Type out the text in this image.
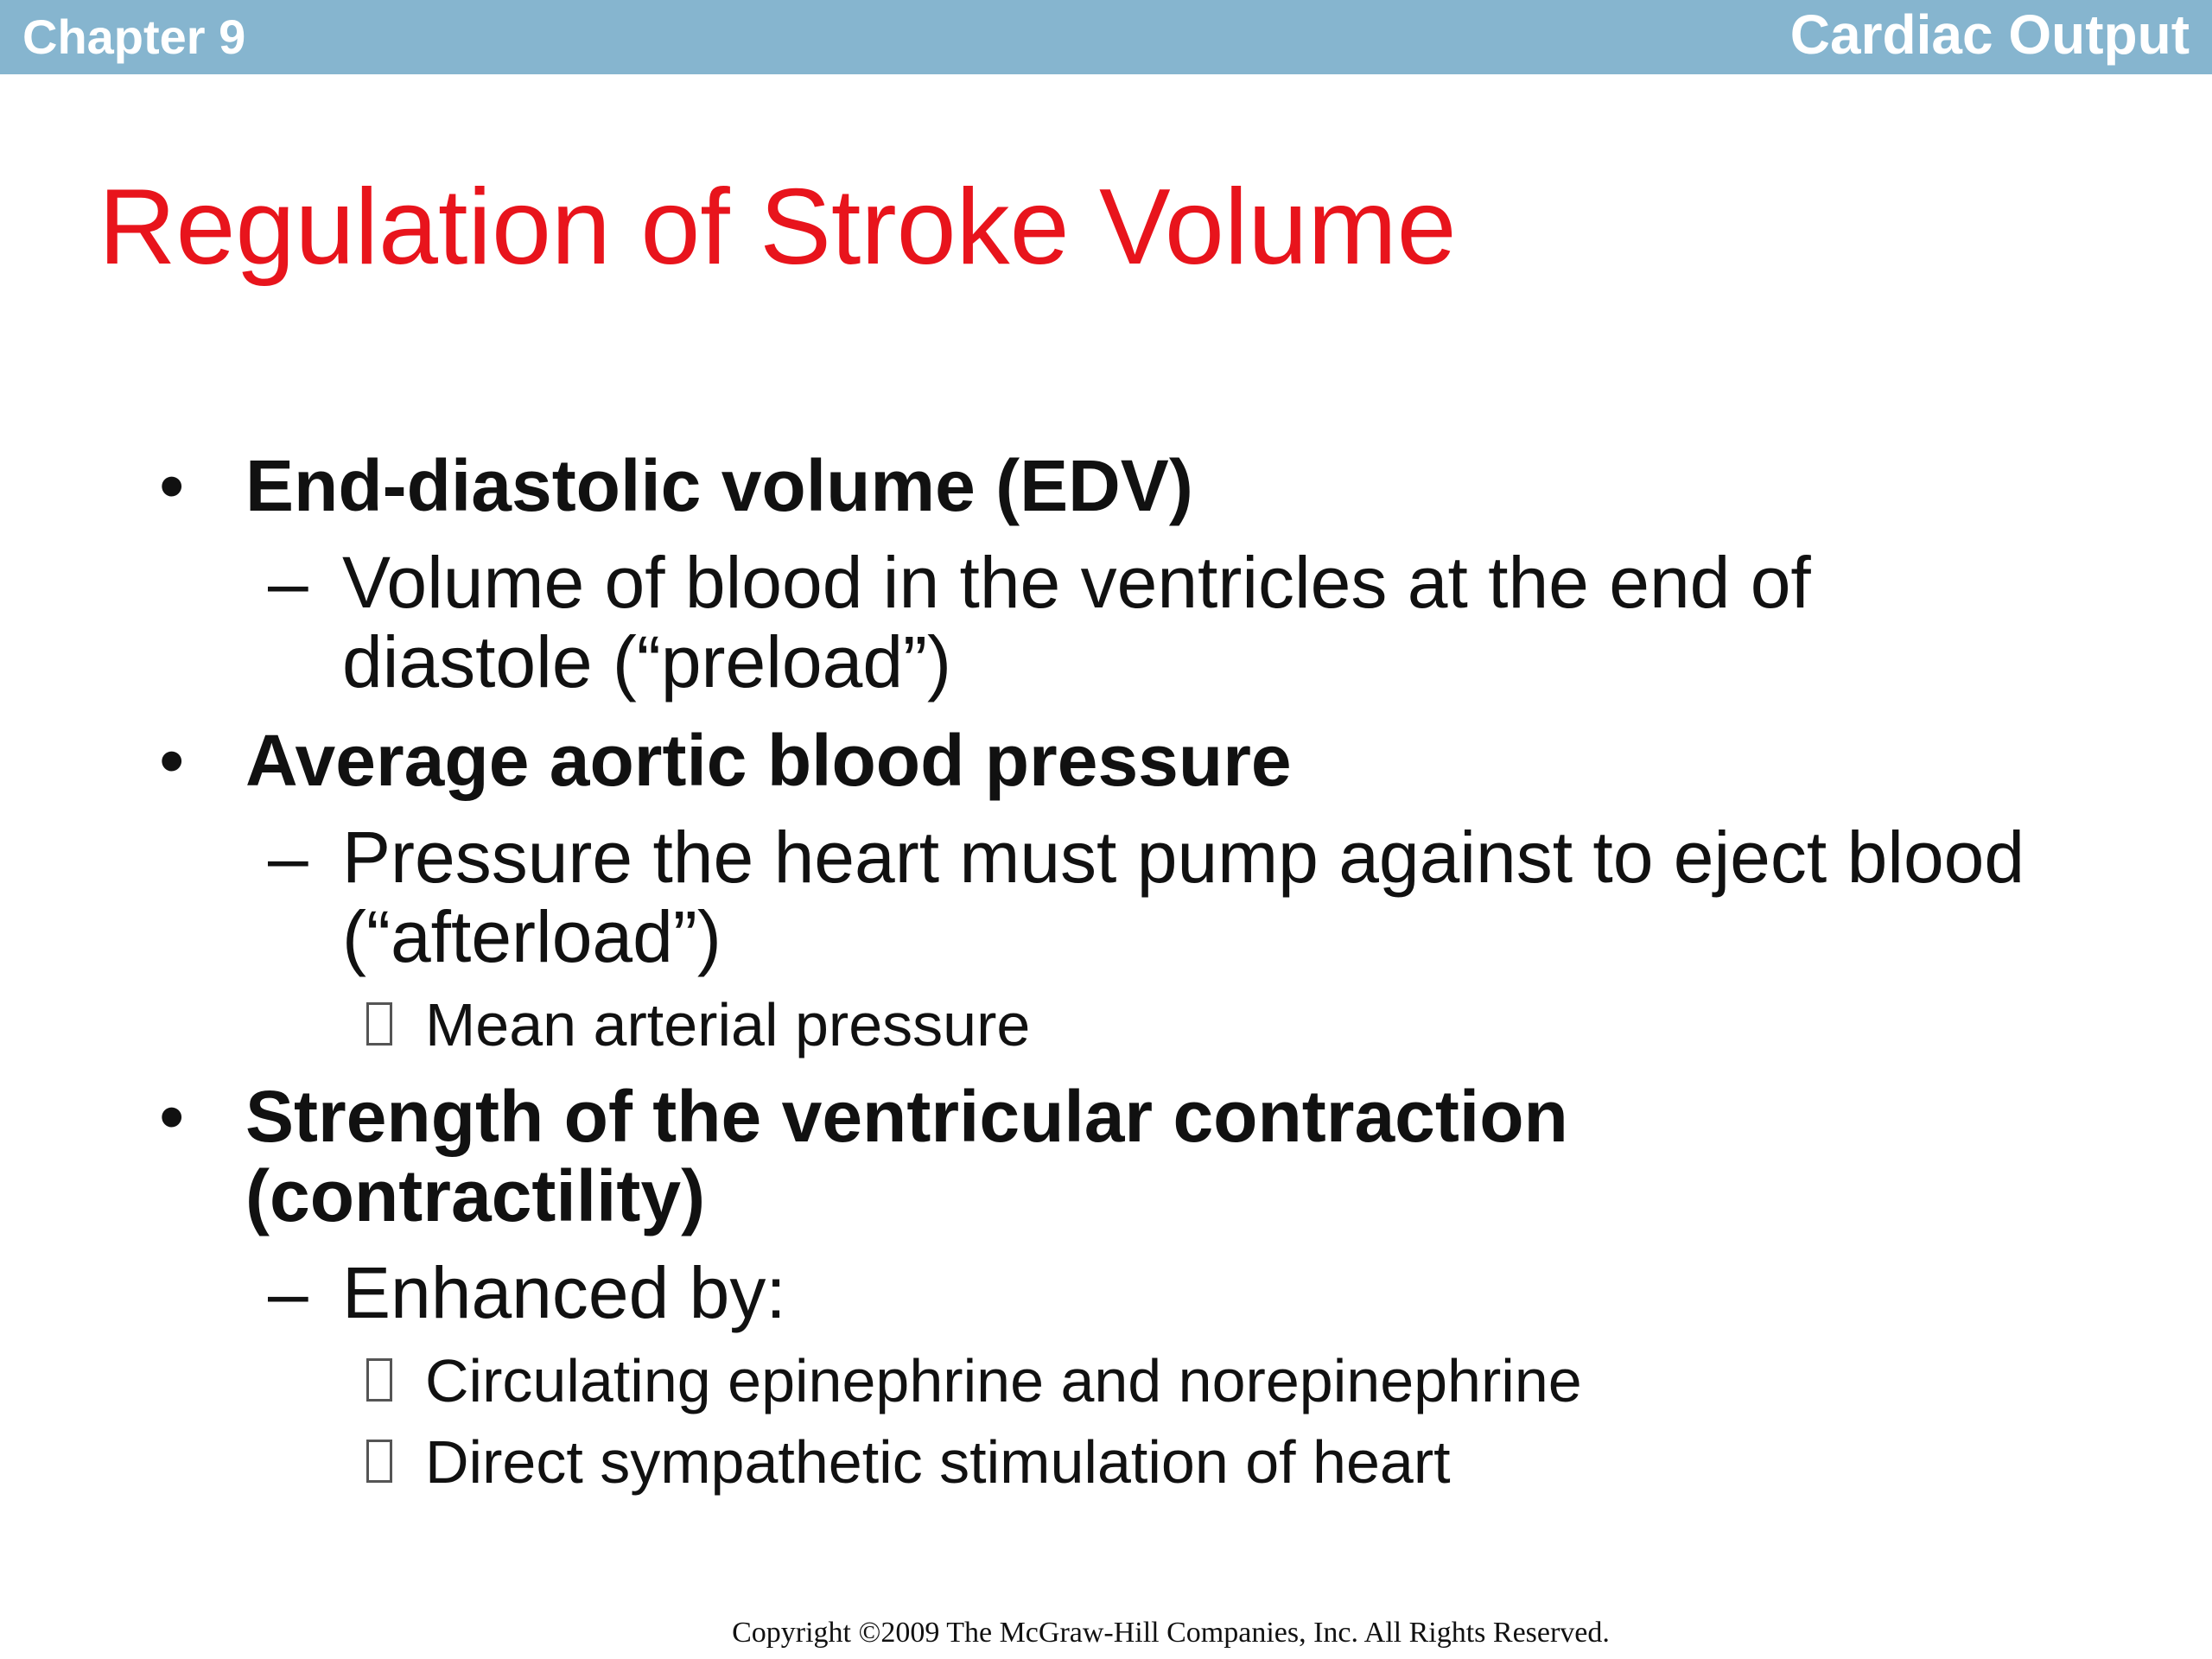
Chapter 9	Cardiac Output
Regulation of Stroke Volume
• End-diastolic volume (EDV)
– Volume of blood in the ventricles at the end of diastole (“preload”)
• Average aortic blood pressure
– Pressure the heart must pump against to eject blood (“afterload”)
Mean arterial pressure
• Strength of the ventricular contraction (contractility)
– Enhanced by:
Circulating epinephrine and norepinephrine
Direct sympathetic stimulation of heart
Copyright ©2009 The McGraw-Hill Companies, Inc. All Rights Reserved.
